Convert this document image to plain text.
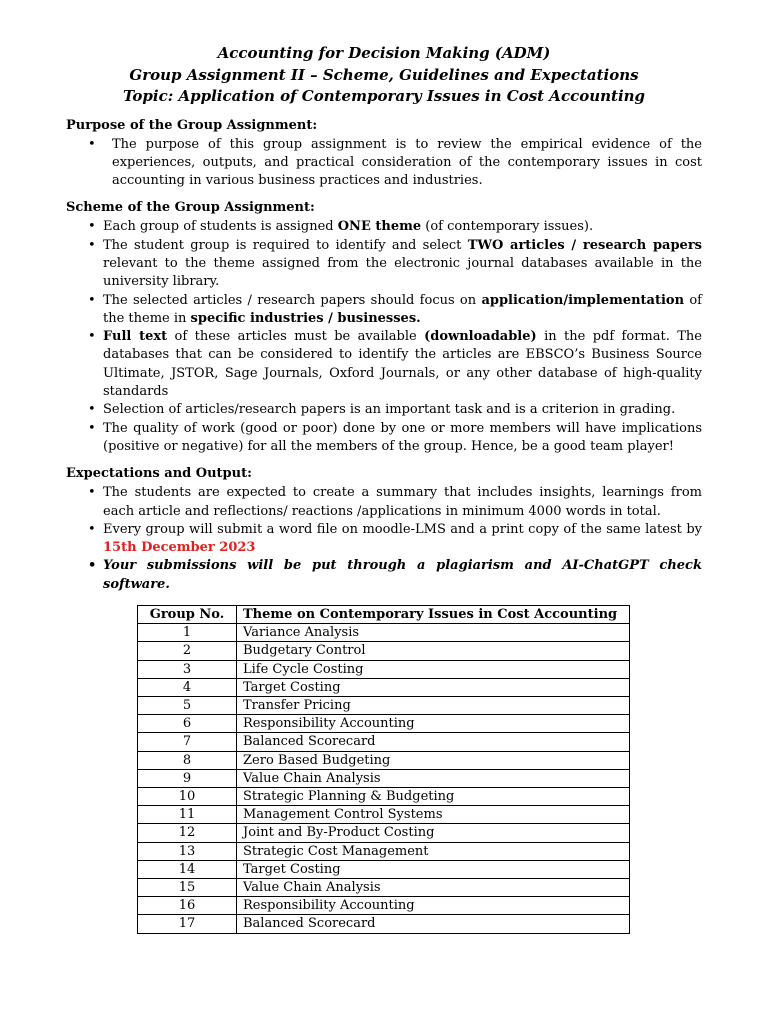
Accounting for Decision Making (ADM)
Group Assignment II – Scheme, Guidelines and Expectations
Topic: Application of Contemporary Issues in Cost Accounting
Purpose of the Group Assignment:
• The purpose of this group assignment is to review the empirical evidence of the experiences, outputs, and practical consideration of the contemporary issues in cost accounting in various business practices and industries.
Scheme of the Group Assignment:
• Each group of students is assigned ONE theme (of contemporary issues).
• The student group is required to identify and select TWO articles / research papers relevant to the theme assigned from the electronic journal databases available in the university library.
• The selected articles / research papers should focus on application/implementation of the theme in specific industries / businesses.
• Full text of these articles must be available (downloadable) in the pdf format. The databases that can be considered to identify the articles are EBSCO’s Business Source Ultimate, JSTOR, Sage Journals, Oxford Journals, or any other database of high-quality standards
• Selection of articles/research papers is an important task and is a criterion in grading.
• The quality of work (good or poor) done by one or more members will have implications (positive or negative) for all the members of the group. Hence, be a good team player!
Expectations and Output:
• The students are expected to create a summary that includes insights, learnings from each article and reflections/ reactions /applications in minimum 4000 words in total.
• Every group will submit a word file on moodle-LMS and a print copy of the same latest by 15th December 2023
• Your submissions will be put through a plagiarism and AI-ChatGPT check software.
Group No.	Theme on Contemporary Issues in Cost Accounting
1	Variance Analysis
2	Budgetary Control
3	Life Cycle Costing
4	Target Costing
5	Transfer Pricing
6	Responsibility Accounting
7	Balanced Scorecard
8	Zero Based Budgeting
9	Value Chain Analysis
10	Strategic Planning & Budgeting
11	Management Control Systems
12	Joint and By-Product Costing
13	Strategic Cost Management
14	Target Costing
15	Value Chain Analysis
16	Responsibility Accounting
17	Balanced Scorecard
